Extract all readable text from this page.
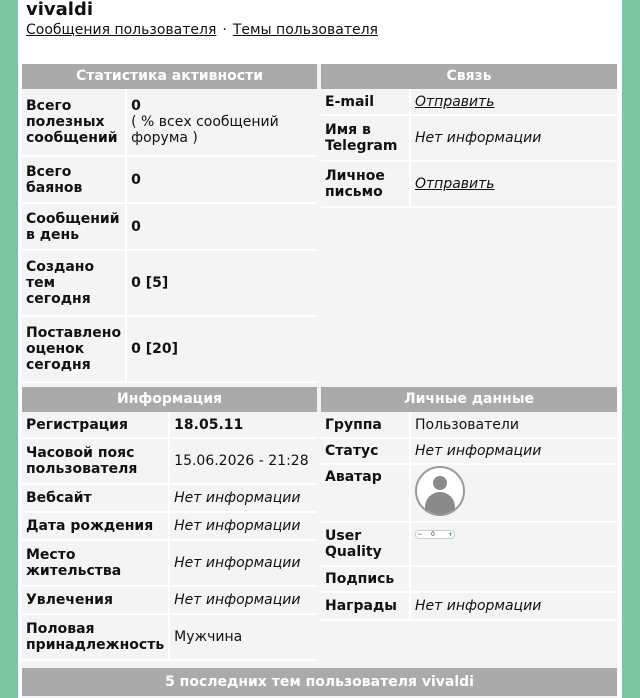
vivaldi
Сообщения пользователя · Темы пользователя
Статистика активности
Всего полезных сообщений	0
( % всех сообщений форума )

Всего баянов	0
Сообщений в день	0
Создано тем сегодня	0 [5]
Поставлено оценок сегодня	0 [20]
Связь
E-mail	Отправить
Имя в Telegram	Нет информации
Личное письмо	Отправить
Информация
Регистрация	18.05.11
Часовой пояс пользователя	15.06.2026 - 21:28
Вебсайт	Нет информации
Дата рождения	Нет информации
Место жительства	Нет информации
Увлечения	Нет информации
Половая принадлежность	Мужчина
Личные данные
Группа	Пользователи
Статус	Нет информации
Аватар	

User Quality	− 0 +

Подпись	
Награды	Нет информации
5 последних тем пользователя vivaldi
